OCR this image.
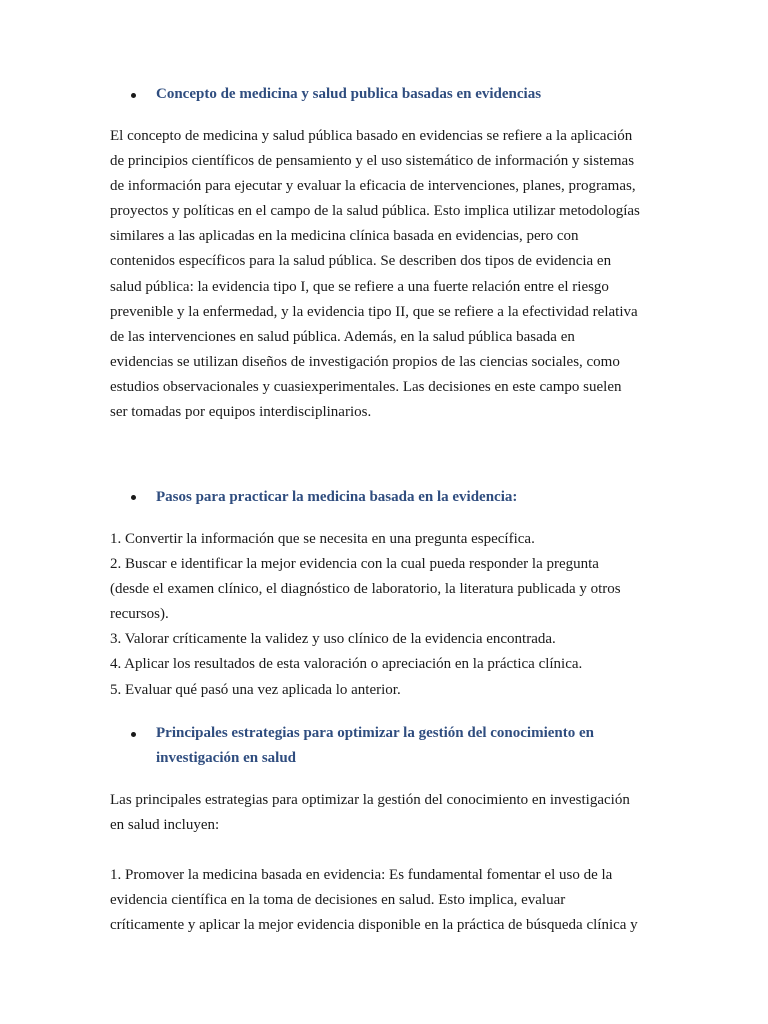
Concepto de medicina y salud publica basadas en evidencias

El concepto de medicina y salud pública basado en evidencias se refiere a la aplicación
de principios científicos de pensamiento y el uso sistemático de información y sistemas
de información para ejecutar y evaluar la eficacia de intervenciones, planes, programas,
proyectos y políticas en el campo de la salud pública. Esto implica utilizar metodologías
similares a las aplicadas en la medicina clínica basada en evidencias, pero con
contenidos específicos para la salud pública. Se describen dos tipos de evidencia en
salud pública: la evidencia tipo I, que se refiere a una fuerte relación entre el riesgo
prevenible y la enfermedad, y la evidencia tipo II, que se refiere a la efectividad relativa
de las intervenciones en salud pública. Además, en la salud pública basada en
evidencias se utilizan diseños de investigación propios de las ciencias sociales, como
estudios observacionales y cuasiexperimentales. Las decisiones en este campo suelen
ser tomadas por equipos interdisciplinarios.

Pasos para practicar la medicina basada en la evidencia:
1. Convertir la información que se necesita en una pregunta específica.
2. Buscar e identificar la mejor evidencia con la cual pueda responder la pregunta
(desde el examen clínico, el diagnóstico de laboratorio, la literatura publicada y otros
recursos).
3. Valorar críticamente la validez y uso clínico de la evidencia encontrada.
4. Aplicar los resultados de esta valoración o apreciación en la práctica clínica.
5. Evaluar qué pasó una vez aplicada lo anterior.
Principales estrategias para optimizar la gestión del conocimiento en
investigación en salud

Las principales estrategias para optimizar la gestión del conocimiento en investigación
en salud incluyen:

1. Promover la medicina basada en evidencia: Es fundamental fomentar el uso de la
evidencia científica en la toma de decisiones en salud. Esto implica, evaluar
críticamente y aplicar la mejor evidencia disponible en la práctica de búsqueda clínica y
